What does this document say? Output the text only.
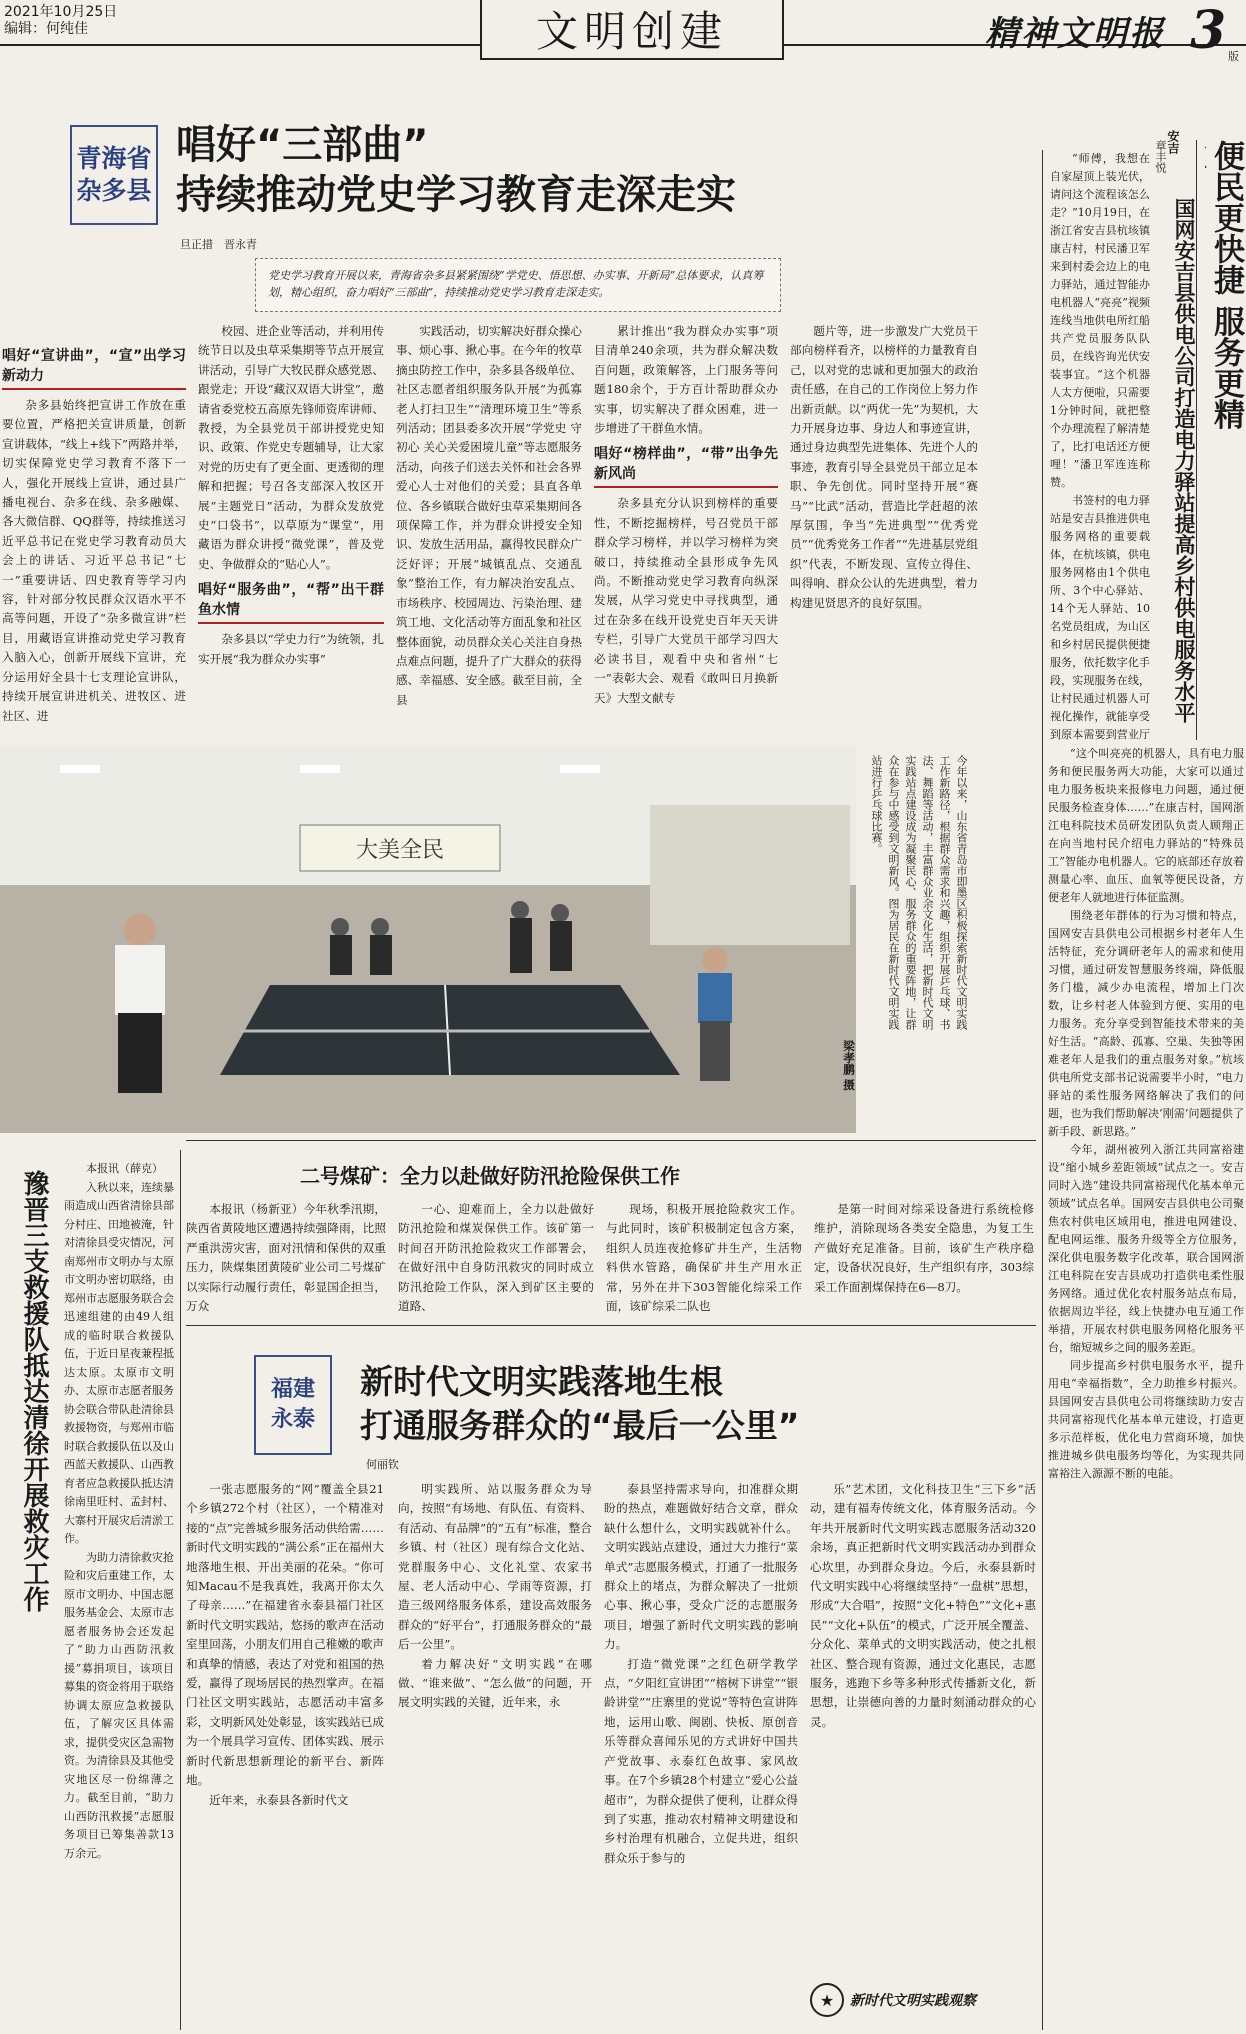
2021年10月25日
编辑：何纯佳	文明创建	精神文明报 3 版
青海省
杂多县
唱好“三部曲”
持续推动党史学习教育走深走实
旦正措　晋永青
党史学习教育开展以来，青海省杂多县紧紧围绕“学党史、悟思想、办实事、开新局”总体要求，认真筹划，精心组织，奋力唱好“三部曲”，持续推动党史学习教育走深走实。
唱好“宣讲曲”，“宣”出学习新动力

杂多县始终把宣讲工作放在重要位置，严格把关宣讲质量，创新宣讲载体，“线上+线下”两路并举，切实保障党史学习教育不落下一人，强化开展线上宣讲，通过县广播电视台、杂多在线、杂多融媒、各大微信群、QQ群等，持续推送习近平总书记在党史学习教育动员大会上的讲话、习近平总书记“七一”重要讲话、四史教育等学习内容，针对部分牧民群众汉语水平不高等问题，开设了“杂多微宣讲”栏目，用藏语宣讲推动党史学习教育入脑入心，创新开展线下宣讲，充分运用好全县十七支理论宣讲队，持续开展宣讲进机关、进牧区、进社区、进

校园、进企业等活动，并利用传统节日以及虫草采集期等节点开展宣讲活动，引导广大牧民群众感党恩、跟党走；开设“藏汉双语大讲堂”，邀请省委党校五高原先锋师资库讲师、教授，为全县党员干部讲授党史知识、政策、作党史专题辅导，让大家对党的历史有了更全面、更透彻的理解和把握；号召各支部深入牧区开展“主题党日”活动，为群众发放党史“口袋书”，以草原为“课堂”，用藏语为群众讲授“微党课”，普及党史、争做群众的“贴心人”。

唱好“服务曲”，“帮”出干群鱼水情

杂多县以“学史力行”为统领，扎实开展“我为群众办实事”

实践活动，切实解决好群众操心事、烦心事、揪心事。在今年的牧草摘虫防控工作中，杂多县各级单位、社区志愿者组织服务队开展“为孤寡老人打扫卫生”“清理环境卫生”等系列活动；团县委多次开展“学党史 守初心 关心关爱困境儿童”等志愿服务活动，向孩子们送去关怀和社会各界爱心人士对他们的关爱；县直各单位、各乡镇联合做好虫草采集期间各项保障工作，并为群众讲授安全知识、发放生活用品，赢得牧民群众广泛好评；开展“城镇乱点、交通乱象”整治工作，有力解决治安乱点、市场秩序、校园周边、污染治理、建筑工地、文化活动等方面乱象和社区整体面貌，动员群众关心关注自身热点难点问题，提升了广大群众的获得感、幸福感、安全感。截至目前，全县

累计推出“我为群众办实事”项目清单240余项，共为群众解决数百问题，政策解答，上门服务等问题180余个，于方百计帮助群众办实事，切实解决了群众困难，进一步增进了干群鱼水情。

唱好“榜样曲”，“带”出争先新风尚

杂多县充分认识到榜样的重要性，不断挖掘榜样，号召党员干部群众学习榜样，并以学习榜样为突破口，持续推动全县形成争先风尚。不断推动党史学习教育向纵深发展，从学习党史中寻找典型，通过在杂多在线开设党史百年天天讲专栏，引导广大党员干部学习四大必读书目，观看中央和省州“七一”表彰大会、观看《敢叫日月换新天》大型文献专

题片等，进一步激发广大党员干部向榜样看齐，以榜样的力量教育自己，以对党的忠诚和更加强大的政治责任感，在自己的工作岗位上努力作出新贡献。以“两优一先”为契机，大力开展身边事、身边人和事迹宣讲，通过身边典型先进集体、先进个人的事迹，教育引导全县党员干部立足本职、争先创优。同时坚持开展“赛马”“比武”活动，营造比学赶超的浓厚氛围，争当“先进典型”“优秀党员”“优秀党务工作者”“先进基层党组织”代表，不断发现、宣传立得住、叫得响、群众公认的先进典型，着力构建见贤思齐的良好氛围。

大美全民	今年以来，山东省青岛市即墨区积极探索新时代文明实践工作新路径，根据群众需求和兴趣，组织开展乒乓球、书法、舞蹈等活动，丰富群众业余文化生活，把新时代文明实践站点建设成为凝聚民心、服务群众的重要阵地，让群众在参与中感受到文明新风。图为居民在新时代文明实践站进行乒乓球比赛。
梁孝鹏 摄
安吉 便民更快捷 服务更精
国网安吉县供电公司打造电力驿站提高乡村供电服务水平
章丰悦

“师傅，我想在自家屋顶上装光伏，请问这个流程该怎么走？”10月19日，在浙江省安吉县杭垓镇康吉村，村民潘卫军来到村委会边上的电力驿站，通过智能办电机器人“亮亮”视频连线当地供电所红船共产党员服务队队员，在线咨询光伏安装事宜。“这个机器人太方便啦，只需要1分钟时间，就把整个办理流程了解清楚了，比打电话还方便哩！”潘卫军连连称赞。

书签村的电力驿站是安吉县推进供电服务网格的重要载体，在杭垓镇，供电服务网格由1个供电所、3个中心驿站、14个无人驿站、10名党员组成，为山区和乡村居民提供便捷服务，依托数字化手段，实现服务在线，让村民通过机器人可视化操作，就能享受到原本需要到营业厅

“这个叫亮亮的机器人，具有电力服务和便民服务两大功能，大家可以通过电力服务板块来报修电力问题，通过便民服务检查身体……”在康吉村，国网浙江电科院技术员研发团队负责人顾翔正在向当地村民介绍电力驿站的“特殊员工”智能办电机器人。它的底部还存放着测量心率、血压、血氧等便民设备，方便老年人就地进行体征监测。

围绕老年群体的行为习惯和特点，国网安吉县供电公司根据乡村老年人生活特征，充分调研老年人的需求和使用习惯，通过研发智慧服务终端，降低服务门槛，减少办电流程，增加上门次数，让乡村老人体验到方便、实用的电力服务。充分享受到智能技术带来的美好生活。“高龄、孤寡、空巢、失独等困难老年人是我们的重点服务对象。”杭垓供电所党支部书记说需要半小时，“电力驿站的柔性服务网络解决了我们的问题，也为我们帮助解决‘刚需’问题提供了新手段、新思路。”

今年，湖州被列入浙江共同富裕建设“缩小城乡差距领域”试点之一。安吉同时入选“建设共同富裕现代化基本单元领域”试点名单。国网安吉县供电公司聚焦农村供电区域用电，推进电网建设、配电网运维、服务升级等全方位服务，深化供电服务数字化改革，联合国网浙江电科院在安吉县成功打造供电柔性服务网络。通过优化农村服务站点布局，依据周边半径，线上快捷办电互通工作举措，开展农村供电服务网格化服务平台，缩短城乡之间的服务差距。

同步提高乡村供电服务水平，提升用电“幸福指数”，全力助推乡村振兴。县国网安吉县供电公司将继续助力安吉共同富裕现代化基本单元建设，打造更多示范样板，优化电力营商环境，加快推进城乡供电服务均等化，为实现共同富裕注入源源不断的电能。

豫晋三支救援队抵达清徐开展救灾工作

本报讯（薛克）

入秋以来，连续暴雨造成山西省清徐县部分村庄、田地被淹，针对清徐县受灾情况，河南郑州市文明办与太原市文明办密切联络，由郑州市志愿服务联合会迅速组建的由49人组成的临时联合救援队伍，于近日星夜兼程抵达太原。太原市文明办、太原市志愿者服务协会联合带队赴清徐县救援物资，与郑州市临时联合救援队伍以及山西蓝天救援队、山西教育者应急救援队抵达清徐南里旺村、孟封村、大寨村开展灾后清淤工作。

为助力清徐救灾抢险和灾后重建工作，太原市文明办、中国志愿服务基金会、太原市志愿者服务协会还发起了“助力山西防汛救援”募捐项目，该项目募集的资金将用于联络协调太原应急救援队伍，了解灾区具体需求，提供受灾区急需物资。为清徐县及其他受灾地区尽一份绵薄之力。截至目前，“助力山西防汛救援”志愿服务项目已筹集善款13万余元。

二号煤矿：全力以赴做好防汛抢险保供工作

本报讯（杨新亚）今年秋季汛期，陕西省黄陵地区遭遇持续强降雨，比照严重洪涝灾害，面对汛情和保供的双重压力，陕煤集团黄陵矿业公司二号煤矿以实际行动履行责任，彰显国企担当，万众

一心、迎难而上，全力以赴做好防汛抢险和煤炭保供工作。该矿第一时间召开防汛抢险救灾工作部署会，在做好汛中自身防汛救灾的同时成立防汛抢险工作队，深入到矿区主要的道路、

现场，积极开展抢险救灾工作。与此同时，该矿积极制定包含方案，组织人员连夜抢修矿井生产，生活物料供水管路，确保矿井生产用水正常，另外在井下303智能化综采工作面，该矿综采二队也

是第一时间对综采设备进行系统检修维护，消除现场各类安全隐患，为复工生产做好充足准备。目前，该矿生产秩序稳定，设备状况良好，生产组织有序，303综采工作面割煤保持在6—8刀。

福建
永泰
新时代文明实践落地生根
打通服务群众的“最后一公里”
何丽钦

一张志愿服务的“网”覆盖全县21个乡镇272个村（社区），一个精准对接的“点”完善城乡服务活动供给需……新时代文明实践的“满公系”正在福州大地落地生根、开出美丽的花朵。“你可知Macau不是我真姓，我离开你太久了母亲……”在福建省永泰县福门社区新时代文明实践站，悠扬的歌声在活动室里回荡，小朋友们用自己稚嫩的歌声和真挚的情感，表达了对党和祖国的热爱，赢得了现场居民的热烈掌声。在福门社区文明实践站，志愿活动丰富多彩，文明新风处处彰显，该实践站已成为一个展具学习宣传、团体实践、展示新时代新思想新理论的新平台、新阵地。

近年来，永泰县各新时代文

明实践所、站以服务群众为导向，按照“有场地、有队伍、有资料、有活动、有品牌”的“五有”标准，整合乡镇、村（社区）现有综合文化站、党群服务中心、文化礼堂、农家书屋、老人活动中心、学雨等资源，打造三级网络服务体系，建设高效服务群众的“好平台”，打通服务群众的“最后一公里”。

着力解决好“文明实践”在哪做、“谁来做”、“怎么做”的问题，开展文明实践的关键，近年来，永

泰县坚持需求导向，扣准群众期盼的热点，难题做好结合文章，群众缺什么想什么，文明实践就补什么。文明实践站点建设，通过大力推行“菜单式”志愿服务模式，打通了一批服务群众上的堵点，为群众解决了一批烦心事、揪心事，受众广泛的志愿服务项目，增强了新时代文明实践的影响力。

打造“微党课”之红色研学教学点，“夕阳红宣讲团”“榕树下讲堂”“银龄讲堂”“庄寨里的党说”等特色宣讲阵地，运用山歌、闽剧、快板、原创音乐等群众喜闻乐见的方式讲好中国共产党故事、永泰红色故事、家风故事。在7个乡镇28个村建立“爱心公益超市”，为群众提供了便利，让群众得到了实惠，推动农村精神文明建设和乡村治理有机融合，立促共进，组织群众乐于参与的

乐”艺术团，文化科技卫生“三下乡”活动，建有福寿传统文化，体育服务活动。今年共开展新时代文明实践志愿服务活动320余场，真正把新时代文明实践活动办到群众心坎里，办到群众身边。今后，永泰县新时代文明实践中心将继续坚持“一盘棋”思想，形成“大合唱”，按照“文化+特色”“文化+惠民”“文化+队伍”的模式，广泛开展全覆盖、分众化、菜单式的文明实践活动，使之扎根社区、整合现有资源，通过文化惠民，志愿服务，逃跑下乡等多种形式传播新文化，新思想，让崇德向善的力量时刻涌动群众的心灵。

★	新时代文明实践观察
